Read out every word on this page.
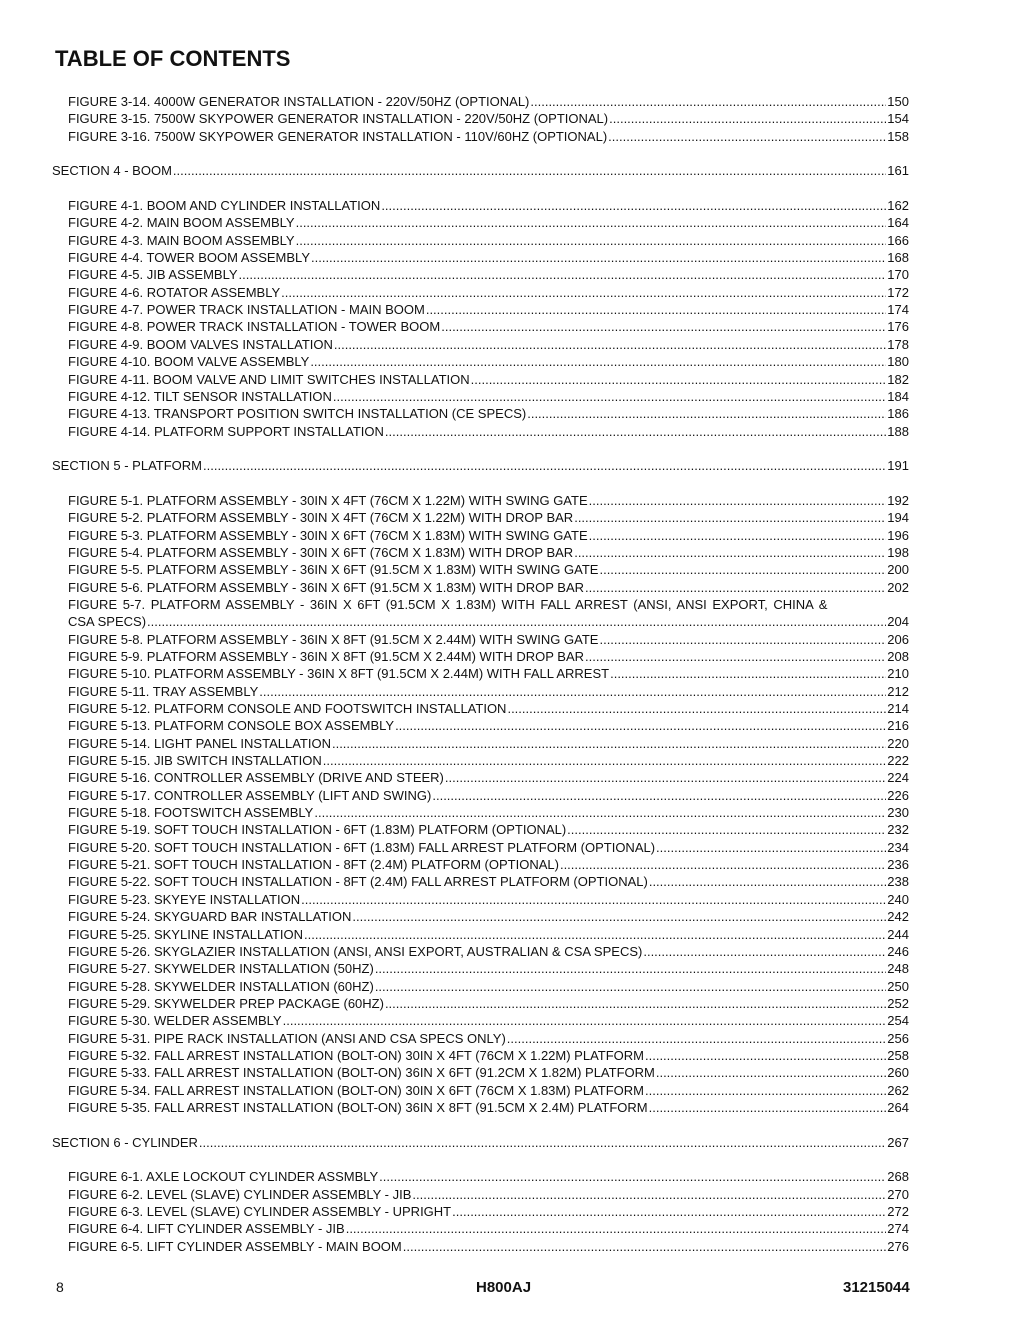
TABLE OF CONTENTS
FIGURE 3-14. 4000W GENERATOR INSTALLATION - 220V/50HZ (OPTIONAL) .....	150
FIGURE 3-15. 7500W SKYPOWER GENERATOR INSTALLATION - 220V/50HZ (OPTIONAL) .....	154
FIGURE 3-16. 7500W SKYPOWER GENERATOR INSTALLATION - 110V/60HZ (OPTIONAL) .....	158
SECTION 4 - BOOM .....	161
FIGURE 4-1. BOOM AND CYLINDER INSTALLATION .....	162
FIGURE 4-2. MAIN BOOM ASSEMBLY .....	164
FIGURE 4-3. MAIN BOOM ASSEMBLY .....	166
FIGURE 4-4. TOWER BOOM ASSEMBLY .....	168
FIGURE 4-5. JIB ASSEMBLY .....	170
FIGURE 4-6. ROTATOR ASSEMBLY .....	172
FIGURE 4-7. POWER TRACK INSTALLATION - MAIN BOOM .....	174
FIGURE 4-8. POWER TRACK INSTALLATION - TOWER BOOM .....	176
FIGURE 4-9. BOOM VALVES INSTALLATION .....	178
FIGURE 4-10. BOOM VALVE ASSEMBLY .....	180
FIGURE 4-11. BOOM VALVE AND LIMIT SWITCHES INSTALLATION .....	182
FIGURE 4-12. TILT SENSOR INSTALLATION .....	184
FIGURE 4-13. TRANSPORT POSITION SWITCH INSTALLATION (CE SPECS) .....	186
FIGURE 4-14. PLATFORM SUPPORT INSTALLATION .....	188
SECTION 5 - PLATFORM .....	191
FIGURE 5-1. PLATFORM ASSEMBLY - 30IN X 4FT (76CM X 1.22M) WITH SWING GATE .....	192
FIGURE 5-2. PLATFORM ASSEMBLY - 30IN X 4FT (76CM X 1.22M) WITH DROP BAR .....	194
FIGURE 5-3. PLATFORM ASSEMBLY - 30IN X 6FT (76CM X 1.83M) WITH SWING GATE .....	196
FIGURE 5-4. PLATFORM ASSEMBLY - 30IN X 6FT (76CM X 1.83M) WITH DROP BAR .....	198
FIGURE 5-5. PLATFORM ASSEMBLY - 36IN X 6FT (91.5CM X 1.83M) WITH SWING GATE .....	200
FIGURE 5-6. PLATFORM ASSEMBLY - 36IN X 6FT (91.5CM X 1.83M) WITH DROP BAR .....	202
FIGURE 5-7. PLATFORM ASSEMBLY - 36IN X 6FT (91.5CM X 1.83M) WITH FALL ARREST (ANSI, ANSI EXPORT, CHINA &
CSA SPECS) .....	204
FIGURE 5-8. PLATFORM ASSEMBLY - 36IN X 8FT (91.5CM X 2.44M) WITH SWING GATE .....	206
FIGURE 5-9. PLATFORM ASSEMBLY - 36IN X 8FT (91.5CM X 2.44M) WITH DROP BAR .....	208
FIGURE 5-10. PLATFORM ASSEMBLY - 36IN X 8FT (91.5CM X 2.44M) WITH FALL ARREST .....	210
FIGURE 5-11. TRAY ASSEMBLY .....	212
FIGURE 5-12. PLATFORM CONSOLE AND FOOTSWITCH INSTALLATION .....	214
FIGURE 5-13. PLATFORM CONSOLE BOX ASSEMBLY .....	216
FIGURE 5-14. LIGHT PANEL INSTALLATION .....	220
FIGURE 5-15. JIB SWITCH INSTALLATION .....	222
FIGURE 5-16. CONTROLLER ASSEMBLY (DRIVE AND STEER) .....	224
FIGURE 5-17. CONTROLLER ASSEMBLY (LIFT AND SWING) .....	226
FIGURE 5-18. FOOTSWITCH ASSEMBLY .....	230
FIGURE 5-19. SOFT TOUCH INSTALLATION - 6FT (1.83M) PLATFORM (OPTIONAL) .....	232
FIGURE 5-20. SOFT TOUCH INSTALLATION - 6FT (1.83M) FALL ARREST PLATFORM (OPTIONAL) .....	234
FIGURE 5-21. SOFT TOUCH INSTALLATION - 8FT (2.4M) PLATFORM (OPTIONAL) .....	236
FIGURE 5-22. SOFT TOUCH INSTALLATION - 8FT (2.4M) FALL ARREST PLATFORM (OPTIONAL) .....	238
FIGURE 5-23. SKYEYE INSTALLATION .....	240
FIGURE 5-24. SKYGUARD BAR INSTALLATION .....	242
FIGURE 5-25. SKYLINE INSTALLATION .....	244
FIGURE 5-26. SKYGLAZIER INSTALLATION (ANSI, ANSI EXPORT, AUSTRALIAN & CSA SPECS) .....	246
FIGURE 5-27. SKYWELDER INSTALLATION (50HZ) .....	248
FIGURE 5-28. SKYWELDER INSTALLATION (60HZ) .....	250
FIGURE 5-29. SKYWELDER PREP PACKAGE (60HZ) .....	252
FIGURE 5-30. WELDER ASSEMBLY .....	254
FIGURE 5-31. PIPE RACK INSTALLATION (ANSI AND CSA SPECS ONLY) .....	256
FIGURE 5-32. FALL ARREST INSTALLATION (BOLT-ON) 30IN X 4FT (76CM X 1.22M) PLATFORM .....	258
FIGURE 5-33. FALL ARREST INSTALLATION (BOLT-ON) 36IN X 6FT (91.2CM X 1.82M) PLATFORM .....	260
FIGURE 5-34. FALL ARREST INSTALLATION (BOLT-ON) 30IN X 6FT (76CM X 1.83M) PLATFORM .....	262
FIGURE 5-35. FALL ARREST INSTALLATION (BOLT-ON) 36IN X 8FT (91.5CM X 2.4M) PLATFORM .....	264
SECTION 6 - CYLINDER .....	267
FIGURE 6-1. AXLE LOCKOUT CYLINDER ASSMBLY .....	268
FIGURE 6-2. LEVEL (SLAVE) CYLINDER ASSEMBLY - JIB .....	270
FIGURE 6-3. LEVEL (SLAVE) CYLINDER ASSEMBLY - UPRIGHT .....	272
FIGURE 6-4. LIFT CYLINDER ASSEMBLY - JIB .....	274
FIGURE 6-5. LIFT CYLINDER ASSEMBLY - MAIN BOOM .....	276
8	H800AJ	31215044
